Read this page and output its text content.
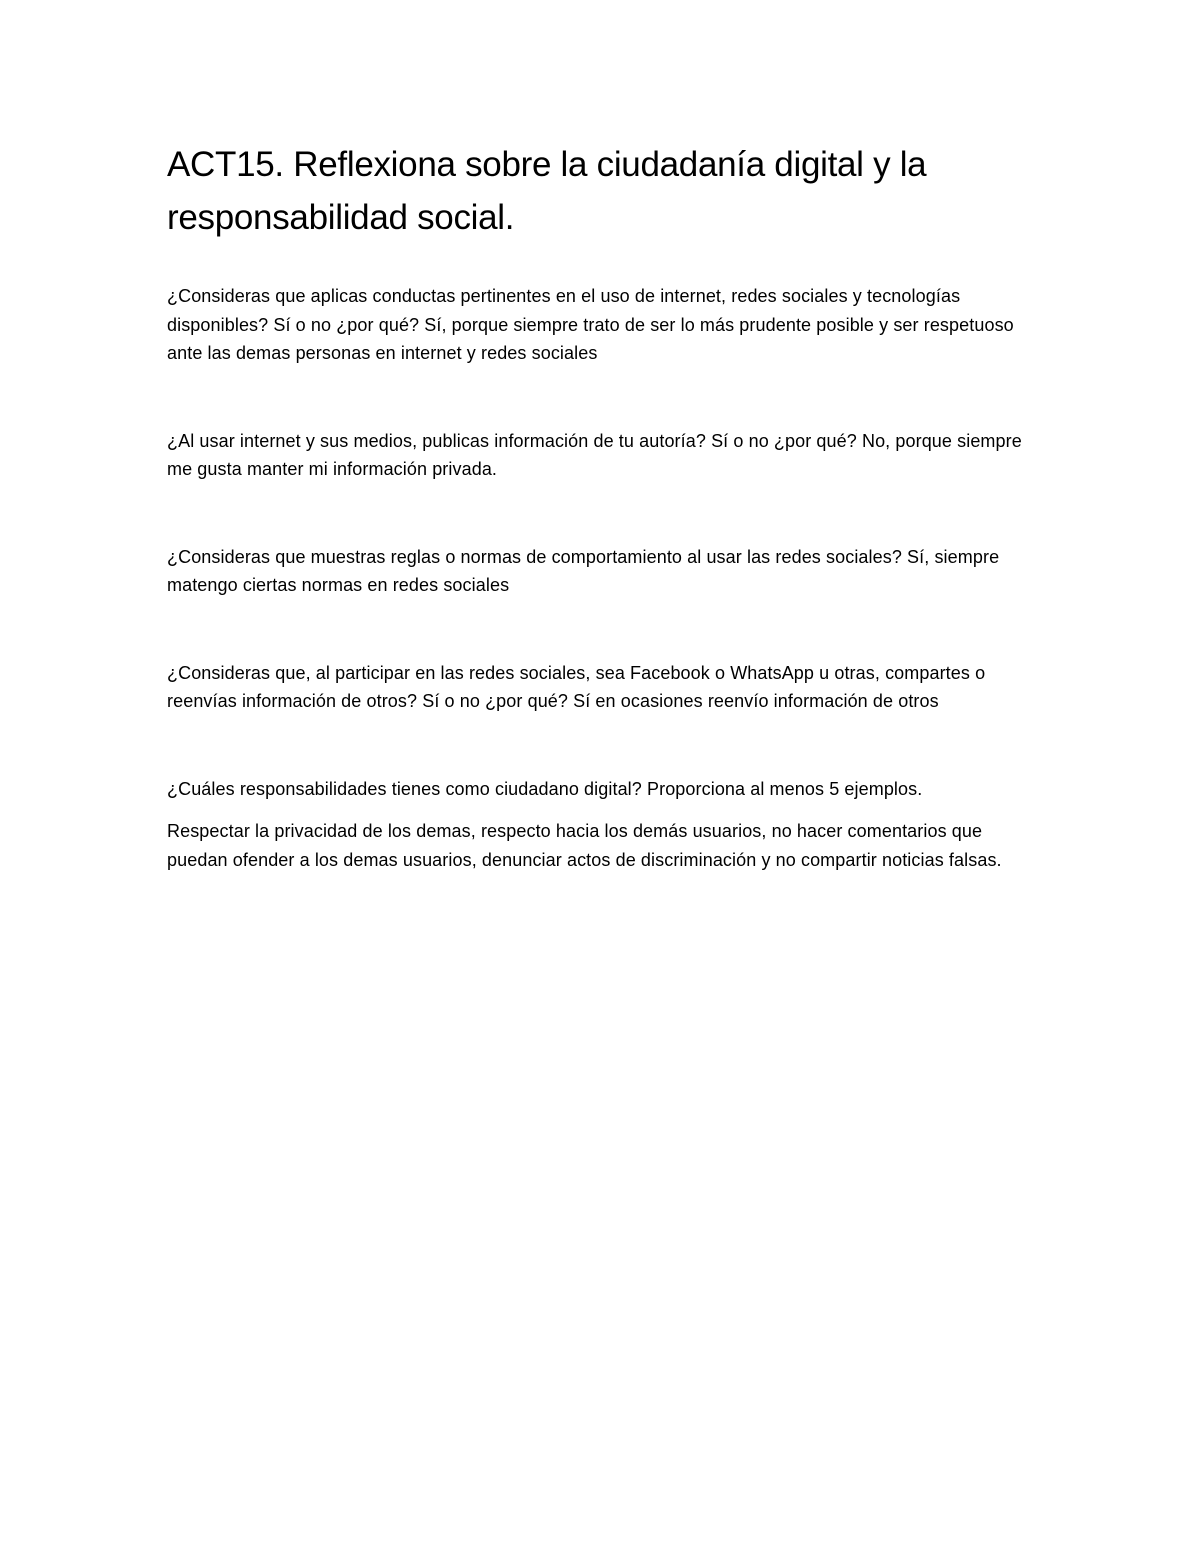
ACT15. Reflexiona sobre la ciudadanía digital y la responsabilidad social.

¿Consideras que aplicas conductas pertinentes en el uso de internet, redes sociales y tecnologías disponibles? Sí o no ¿por qué? Sí, porque siempre trato de ser lo más prudente posible y ser respetuoso ante las demas personas en internet y redes sociales

¿Al usar internet y sus medios, publicas información de tu autoría? Sí o no ¿por qué? No, porque siempre me gusta manter mi información privada.

¿Consideras que muestras reglas o normas de comportamiento al usar las redes sociales? Sí, siempre matengo ciertas normas en redes sociales

¿Consideras que, al participar en las redes sociales, sea Facebook o WhatsApp u otras, compartes o reenvías información de otros? Sí o no ¿por qué? Sí en ocasiones reenvío información de otros

¿Cuáles responsabilidades tienes como ciudadano digital? Proporciona al menos 5 ejemplos.

Respectar la privacidad de los demas, respecto hacia los demás usuarios, no hacer comentarios que puedan ofender a los demas usuarios, denunciar actos de discriminación y no compartir noticias falsas.
